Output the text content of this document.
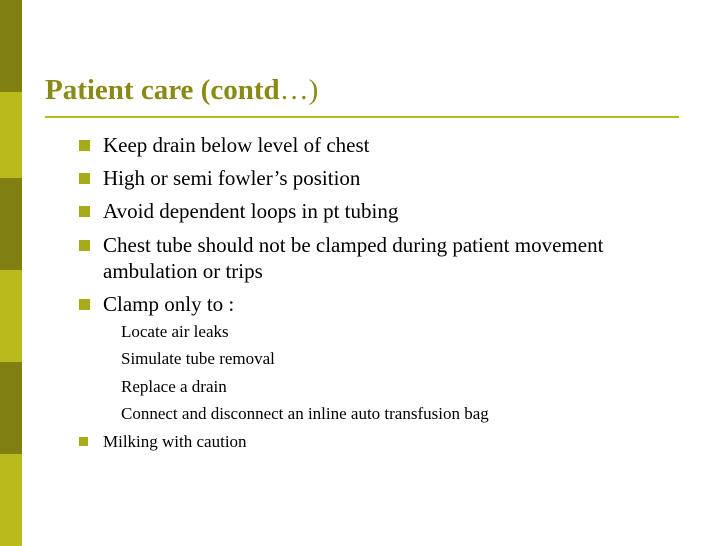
Patient care (contd…)
Keep drain below level of chest
High or semi fowler’s position
Avoid dependent loops in pt tubing
Chest tube should not be clamped during patient movement
ambulation or trips
Clamp only to :
Locate air leaks
Simulate tube removal
Replace a drain
Connect and disconnect an inline auto transfusion bag
Milking with caution
